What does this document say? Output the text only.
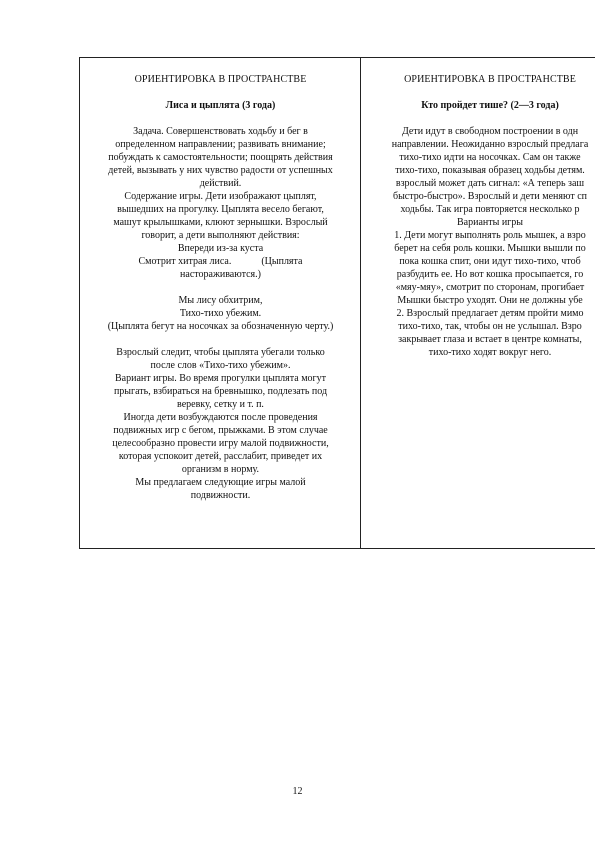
ОРИЕНТИРОВКА В ПРОСТРАНСТВЕ
Лиса и цыплята (3 года)
Задача. Совершенствовать ходьбу и бег в
определенном направлении; развивать внимание;
побуждать к самостоятельности; поощрять действия
детей, вызывать у них чувство радости от успешных
действий.
Содержание игры. Дети изображают цыплят,
вышедших на прогулку. Цыплята весело бегают,
машут крылышками, клюют зернышки. Взрослый
говорит, а дети выполняют действия:
Впереди из-за куста
Смотрит хитрая лиса.            (Цыплята
настораживаются.)
Мы лису обхитрим,
Тихо-тихо убежим.
(Цыплята бегут на носочках за обозначенную черту.)
Взрослый следит, чтобы цыплята убегали только
после слов «Тихо-тихо убежим».
Вариант игры. Во время прогулки цыплята могут
прыгать, взбираться на бревнышко, подлезать под
веревку, сетку и т. п.
Иногда дети возбуждаются после проведения
подвижных игр с бегом, прыжками. В этом случае
целесообразно провести игру малой подвижности,
которая успокоит детей, расслабит, приведет их
организм в норму.
Мы предлагаем следующие игры малой
подвижности.
ОРИЕНТИРОВКА В ПРОСТРАНСТВЕ
Кто пройдет тише? (2—3 года)
Дети идут в свободном построении в одн
направлении. Неожиданно взрослый предлага
тихо-тихо идти на носочках. Сам он также
тихо-тихо, показывая образец ходьбы детям.
взрослый может дать сигнал: «А теперь заш
быстро-быстро». Взрослый и дети меняют сп
ходьбы. Так игра повторяется несколько р
Варианты игры
1. Дети могут выполнять роль мышек, а взро
берет на себя роль кошки. Мышки вышли по
пока кошка спит, они идут тихо-тихо, чтоб
разбудить ее. Но вот кошка просыпается, го
«мяу-мяу», смотрит по сторонам, прогибает
Мышки быстро уходят. Они не должны убе
2. Взрослый предлагает детям пройти мимо
тихо-тихо, так, чтобы он не услышал. Взро
закрывает глаза и встает в центре комнаты,
тихо-тихо ходят вокруг него.
12
